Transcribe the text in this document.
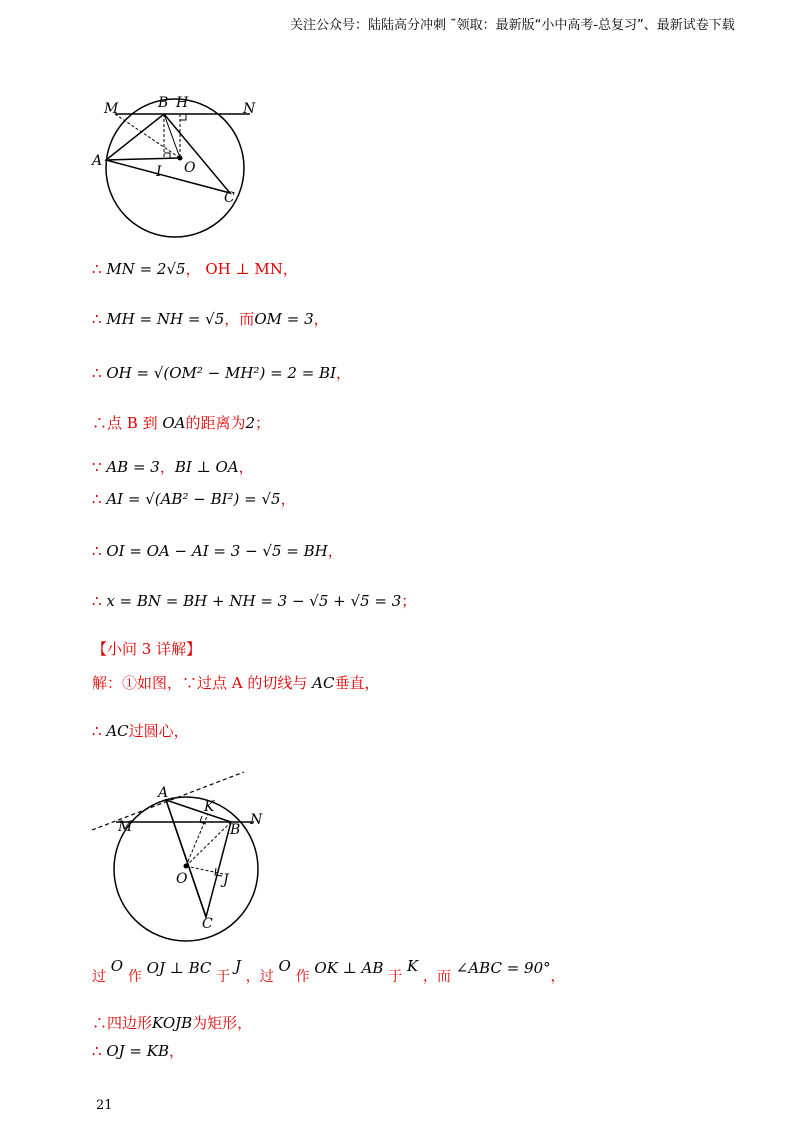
关注公众号：陆陆高分冲刺 ˜领取：最新版“小中高考-总复习”、最新试卷下载
M	B H	N
A	O
I
C
∴ MN = 2√5， OH ⊥ MN，
∴ MH = NH = √5，而OM = 3，
∴ OH = √(OM² − MH²) = 2 = BI，
∴点 B 到 OA的距离为2；
∵ AB = 3，BI ⊥ OA，
∴ AI = √(AB² − BI²) = √5，
∴ OI = OA − AI = 3 − √5 = BH，
∴ x = BN = BH + NH = 3 − √5 + √5 = 3；
【小问 3 详解】
解：①如图，∵过点 A 的切线与 AC垂直，
∴ AC过圆心，
A
K
M	B
N
O	J
C
过 O 作 OJ ⊥ BC 于 J ，过 O 作 OK ⊥ AB 于 K ，而 ∠ABC = 90°，
∴四边形KOJB为矩形，
∴ OJ = KB，
21
